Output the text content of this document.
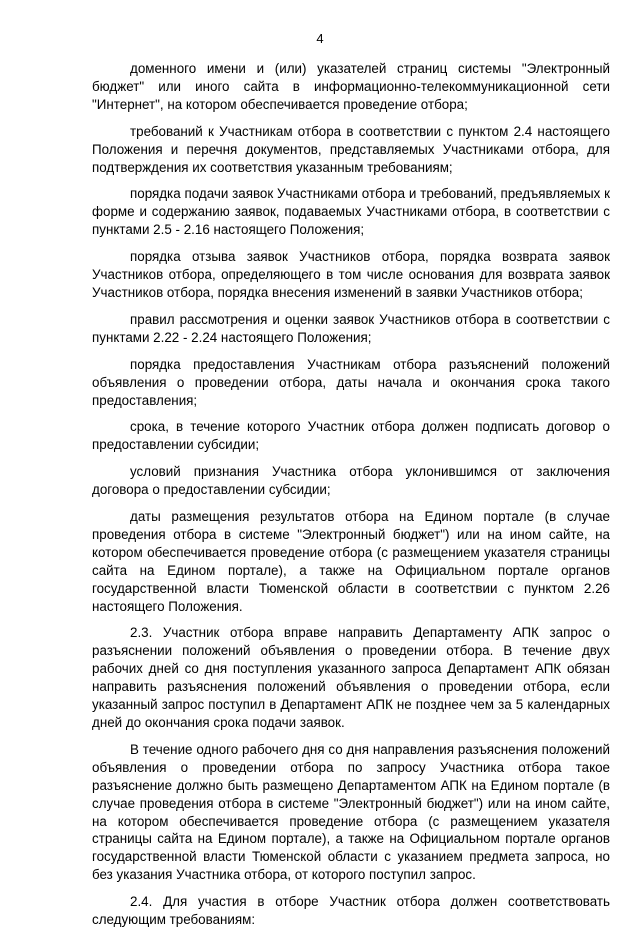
4

доменного имени и (или) указателей страниц системы "Электронный бюджет" или иного сайта в информационно-телекоммуникационной сети "Интернет", на котором обеспечивается проведение отбора;

требований к Участникам отбора в соответствии с пунктом 2.4 настоящего Положения и перечня документов, представляемых Участниками отбора, для подтверждения их соответствия указанным требованиям;

порядка подачи заявок Участниками отбора и требований, предъявляемых к форме и содержанию заявок, подаваемых Участниками отбора, в соответствии с пунктами 2.5 - 2.16 настоящего Положения;

порядка отзыва заявок Участников отбора, порядка возврата заявок Участников отбора, определяющего в том числе основания для возврата заявок Участников отбора, порядка внесения изменений в заявки Участников отбора;

правил рассмотрения и оценки заявок Участников отбора в соответствии с пунктами 2.22 - 2.24 настоящего Положения;

порядка предоставления Участникам отбора разъяснений положений объявления о проведении отбора, даты начала и окончания срока такого предоставления;

срока, в течение которого Участник отбора должен подписать договор о предоставлении субсидии;

условий признания Участника отбора уклонившимся от заключения договора о предоставлении субсидии;

даты размещения результатов отбора на Едином портале (в случае проведения отбора в системе "Электронный бюджет") или на ином сайте, на котором обеспечивается проведение отбора (с размещением указателя страницы сайта на Едином портале), а также на Официальном портале органов государственной власти Тюменской области в соответствии с пунктом 2.26 настоящего Положения.

2.3. Участник отбора вправе направить Департаменту АПК запрос о разъяснении положений объявления о проведении отбора. В течение двух рабочих дней со дня поступления указанного запроса Департамент АПК обязан направить разъяснения положений объявления о проведении отбора, если указанный запрос поступил в Департамент АПК не позднее чем за 5 календарных дней до окончания срока подачи заявок.

В течение одного рабочего дня со дня направления разъяснения положений объявления о проведении отбора по запросу Участника отбора такое разъяснение должно быть размещено Департаментом АПК на Едином портале (в случае проведения отбора в системе "Электронный бюджет") или на ином сайте, на котором обеспечивается проведение отбора (с размещением указателя страницы сайта на Едином портале), а также на Официальном портале органов государственной власти Тюменской области с указанием предмета запроса, но без указания Участника отбора, от которого поступил запрос.

2.4. Для участия в отборе Участник отбора должен соответствовать следующим требованиям:
